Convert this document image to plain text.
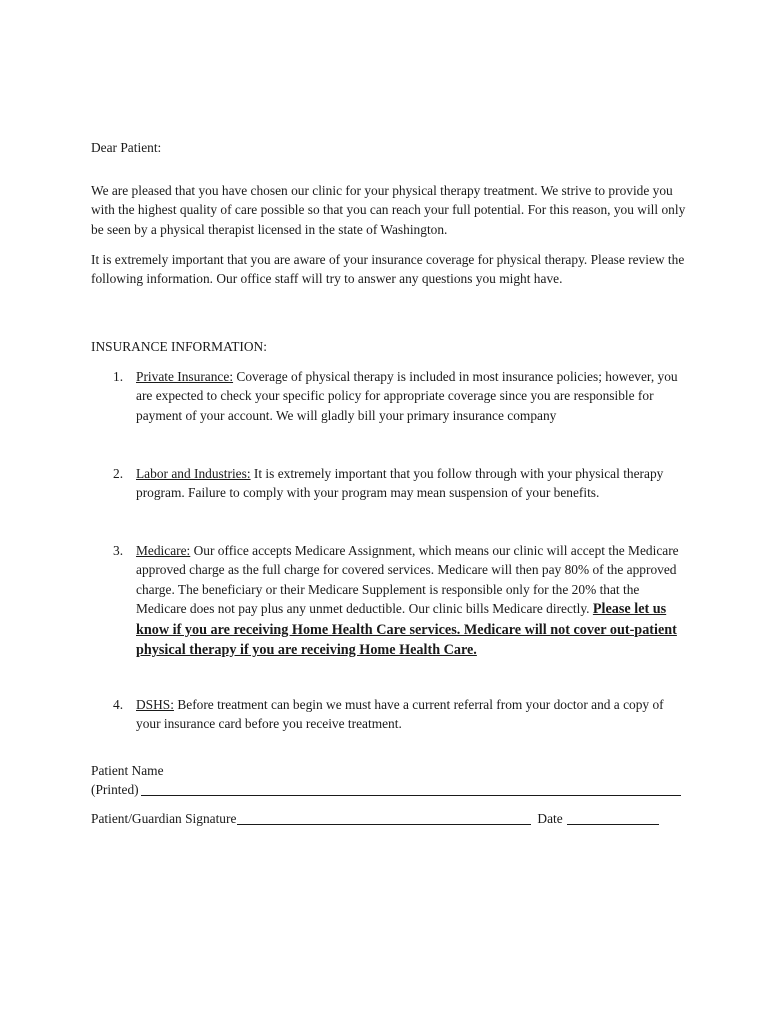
Dear Patient:
We are pleased that you have chosen our clinic for your physical therapy treatment. We strive to provide you with the highest quality of care possible so that you can reach your full potential. For this reason, you will only be seen by a physical therapist licensed in the state of Washington.
It is extremely important that you are aware of your insurance coverage for physical therapy. Please review the following information. Our office staff will try to answer any questions you might have.
INSURANCE INFORMATION:
1. Private Insurance: Coverage of physical therapy is included in most insurance policies; however, you are expected to check your specific policy for appropriate coverage since you are responsible for payment of your account. We will gladly bill your primary insurance company
2. Labor and Industries: It is extremely important that you follow through with your physical therapy program. Failure to comply with your program may mean suspension of your benefits.
3. Medicare: Our office accepts Medicare Assignment, which means our clinic will accept the Medicare approved charge as the full charge for covered services. Medicare will then pay 80% of the approved charge. The beneficiary or their Medicare Supplement is responsible only for the 20% that the Medicare does not pay plus any unmet deductible. Our clinic bills Medicare directly. Please let us know if you are receiving Home Health Care services. Medicare will not cover out-patient physical therapy if you are receiving Home Health Care.
4. DSHS: Before treatment can begin we must have a current referral from your doctor and a copy of your insurance card before you receive treatment.
Patient Name
(Printed)
Patient/Guardian Signature	Date
